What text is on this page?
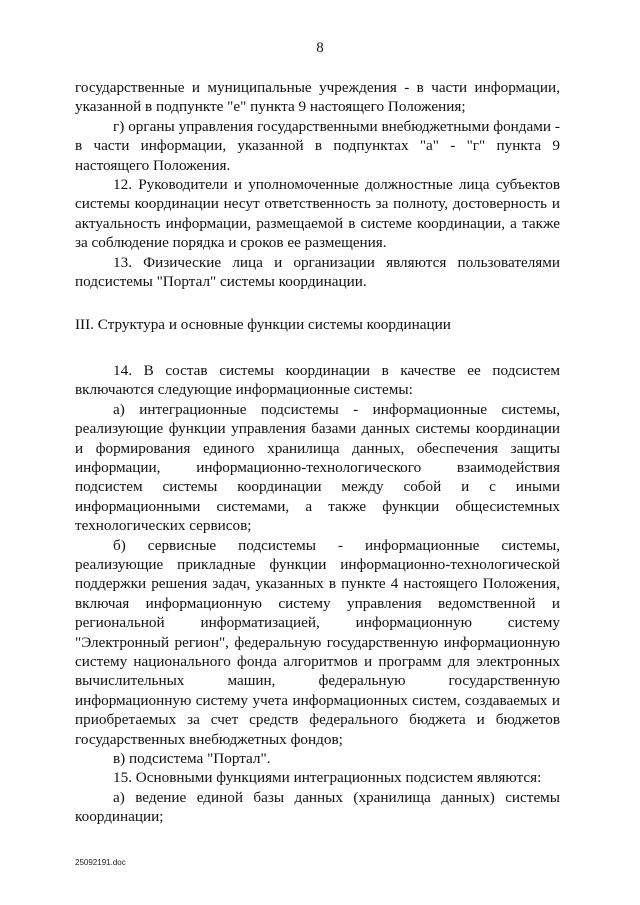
8

государственные и муниципальные учреждения - в части информации, указанной в подпункте "е" пункта 9 настоящего Положения;

г) органы управления государственными внебюджетными фондами - в части информации, указанной в подпунктах "а" - "г" пункта 9 настоящего Положения.

12. Руководители и уполномоченные должностные лица субъектов системы координации несут ответственность за полноту, достоверность и актуальность информации, размещаемой в системе координации, а также за соблюдение порядка и сроков ее размещения.

13. Физические лица и организации являются пользователями подсистемы "Портал" системы координации.

III. Структура и основные функции системы координации

14. В состав системы координации в качестве ее подсистем включаются следующие информационные системы:

а) интеграционные подсистемы - информационные системы, реализующие функции управления базами данных системы координации и формирования единого хранилища данных, обеспечения защиты информации, информационно-технологического взаимодействия подсистем системы координации между собой и с иными информационными системами, а также функции общесистемных технологических сервисов;

б) сервисные подсистемы - информационные системы, реализующие прикладные функции информационно-технологической поддержки решения задач, указанных в пункте 4 настоящего Положения, включая информационную систему управления ведомственной и региональной информатизацией, информационную систему "Электронный регион", федеральную государственную информационную систему национального фонда алгоритмов и программ для электронных вычислительных машин, федеральную государственную информационную систему учета информационных систем, создаваемых и приобретаемых за счет средств федерального бюджета и бюджетов государственных внебюджетных фондов;

в) подсистема "Портал".

15. Основными функциями интеграционных подсистем являются:

а) ведение единой базы данных (хранилища данных) системы координации;

25092191.doc
